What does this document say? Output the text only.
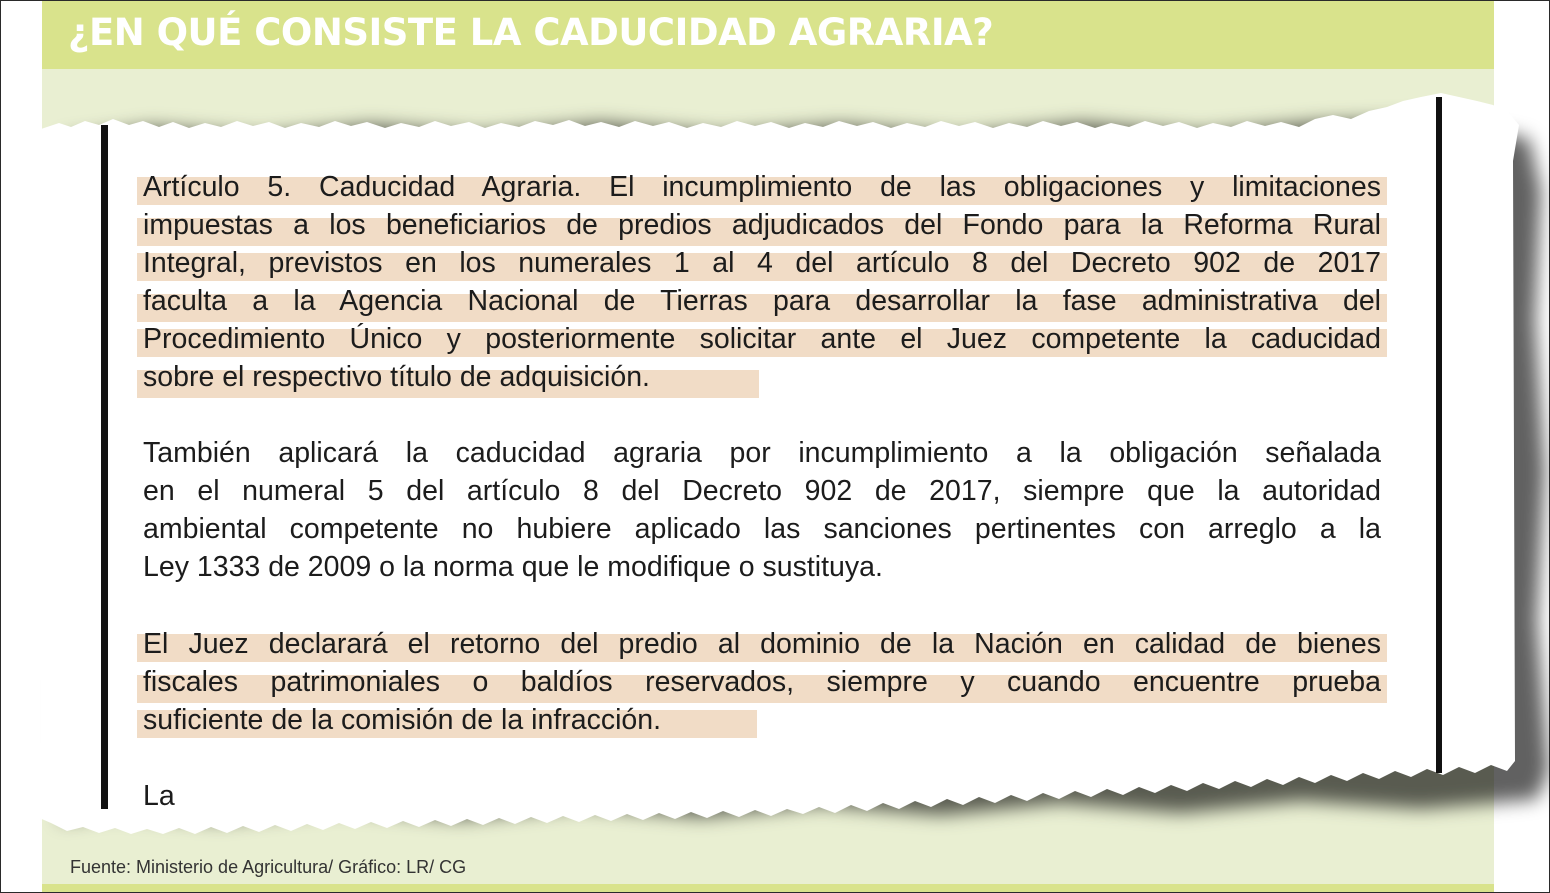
¿EN QUÉ CONSISTE LA CADUCIDAD AGRARIA?

Fuente: Ministerio de Agricultura/ Gráfico: LR/ CG

Artículo 5. Caducidad Agraria. El incumplimiento de las obligaciones y limitaciones

impuestas a los beneficiarios de predios adjudicados del Fondo para la Reforma Rural

Integral, previstos en los numerales 1 al 4 del artículo 8 del Decreto 902 de 2017

faculta a la Agencia Nacional de Tierras para desarrollar la fase administrativa del

Procedimiento Único y posteriormente solicitar ante el Juez competente la caducidad

sobre el respectivo título de adquisición.

También aplicará la caducidad agraria por incumplimiento a la obligación señalada

en el numeral 5 del artículo 8 del Decreto 902 de 2017, siempre que la autoridad

ambiental competente no hubiere aplicado las sanciones pertinentes con arreglo a la

Ley 1333 de 2009 o la norma que le modifique o sustituya.

El Juez declarará el retorno del predio al dominio de la Nación en calidad de bienes

fiscales patrimoniales o baldíos reservados, siempre y cuando encuentre prueba

suficiente de la comisión de la infracción.

La
